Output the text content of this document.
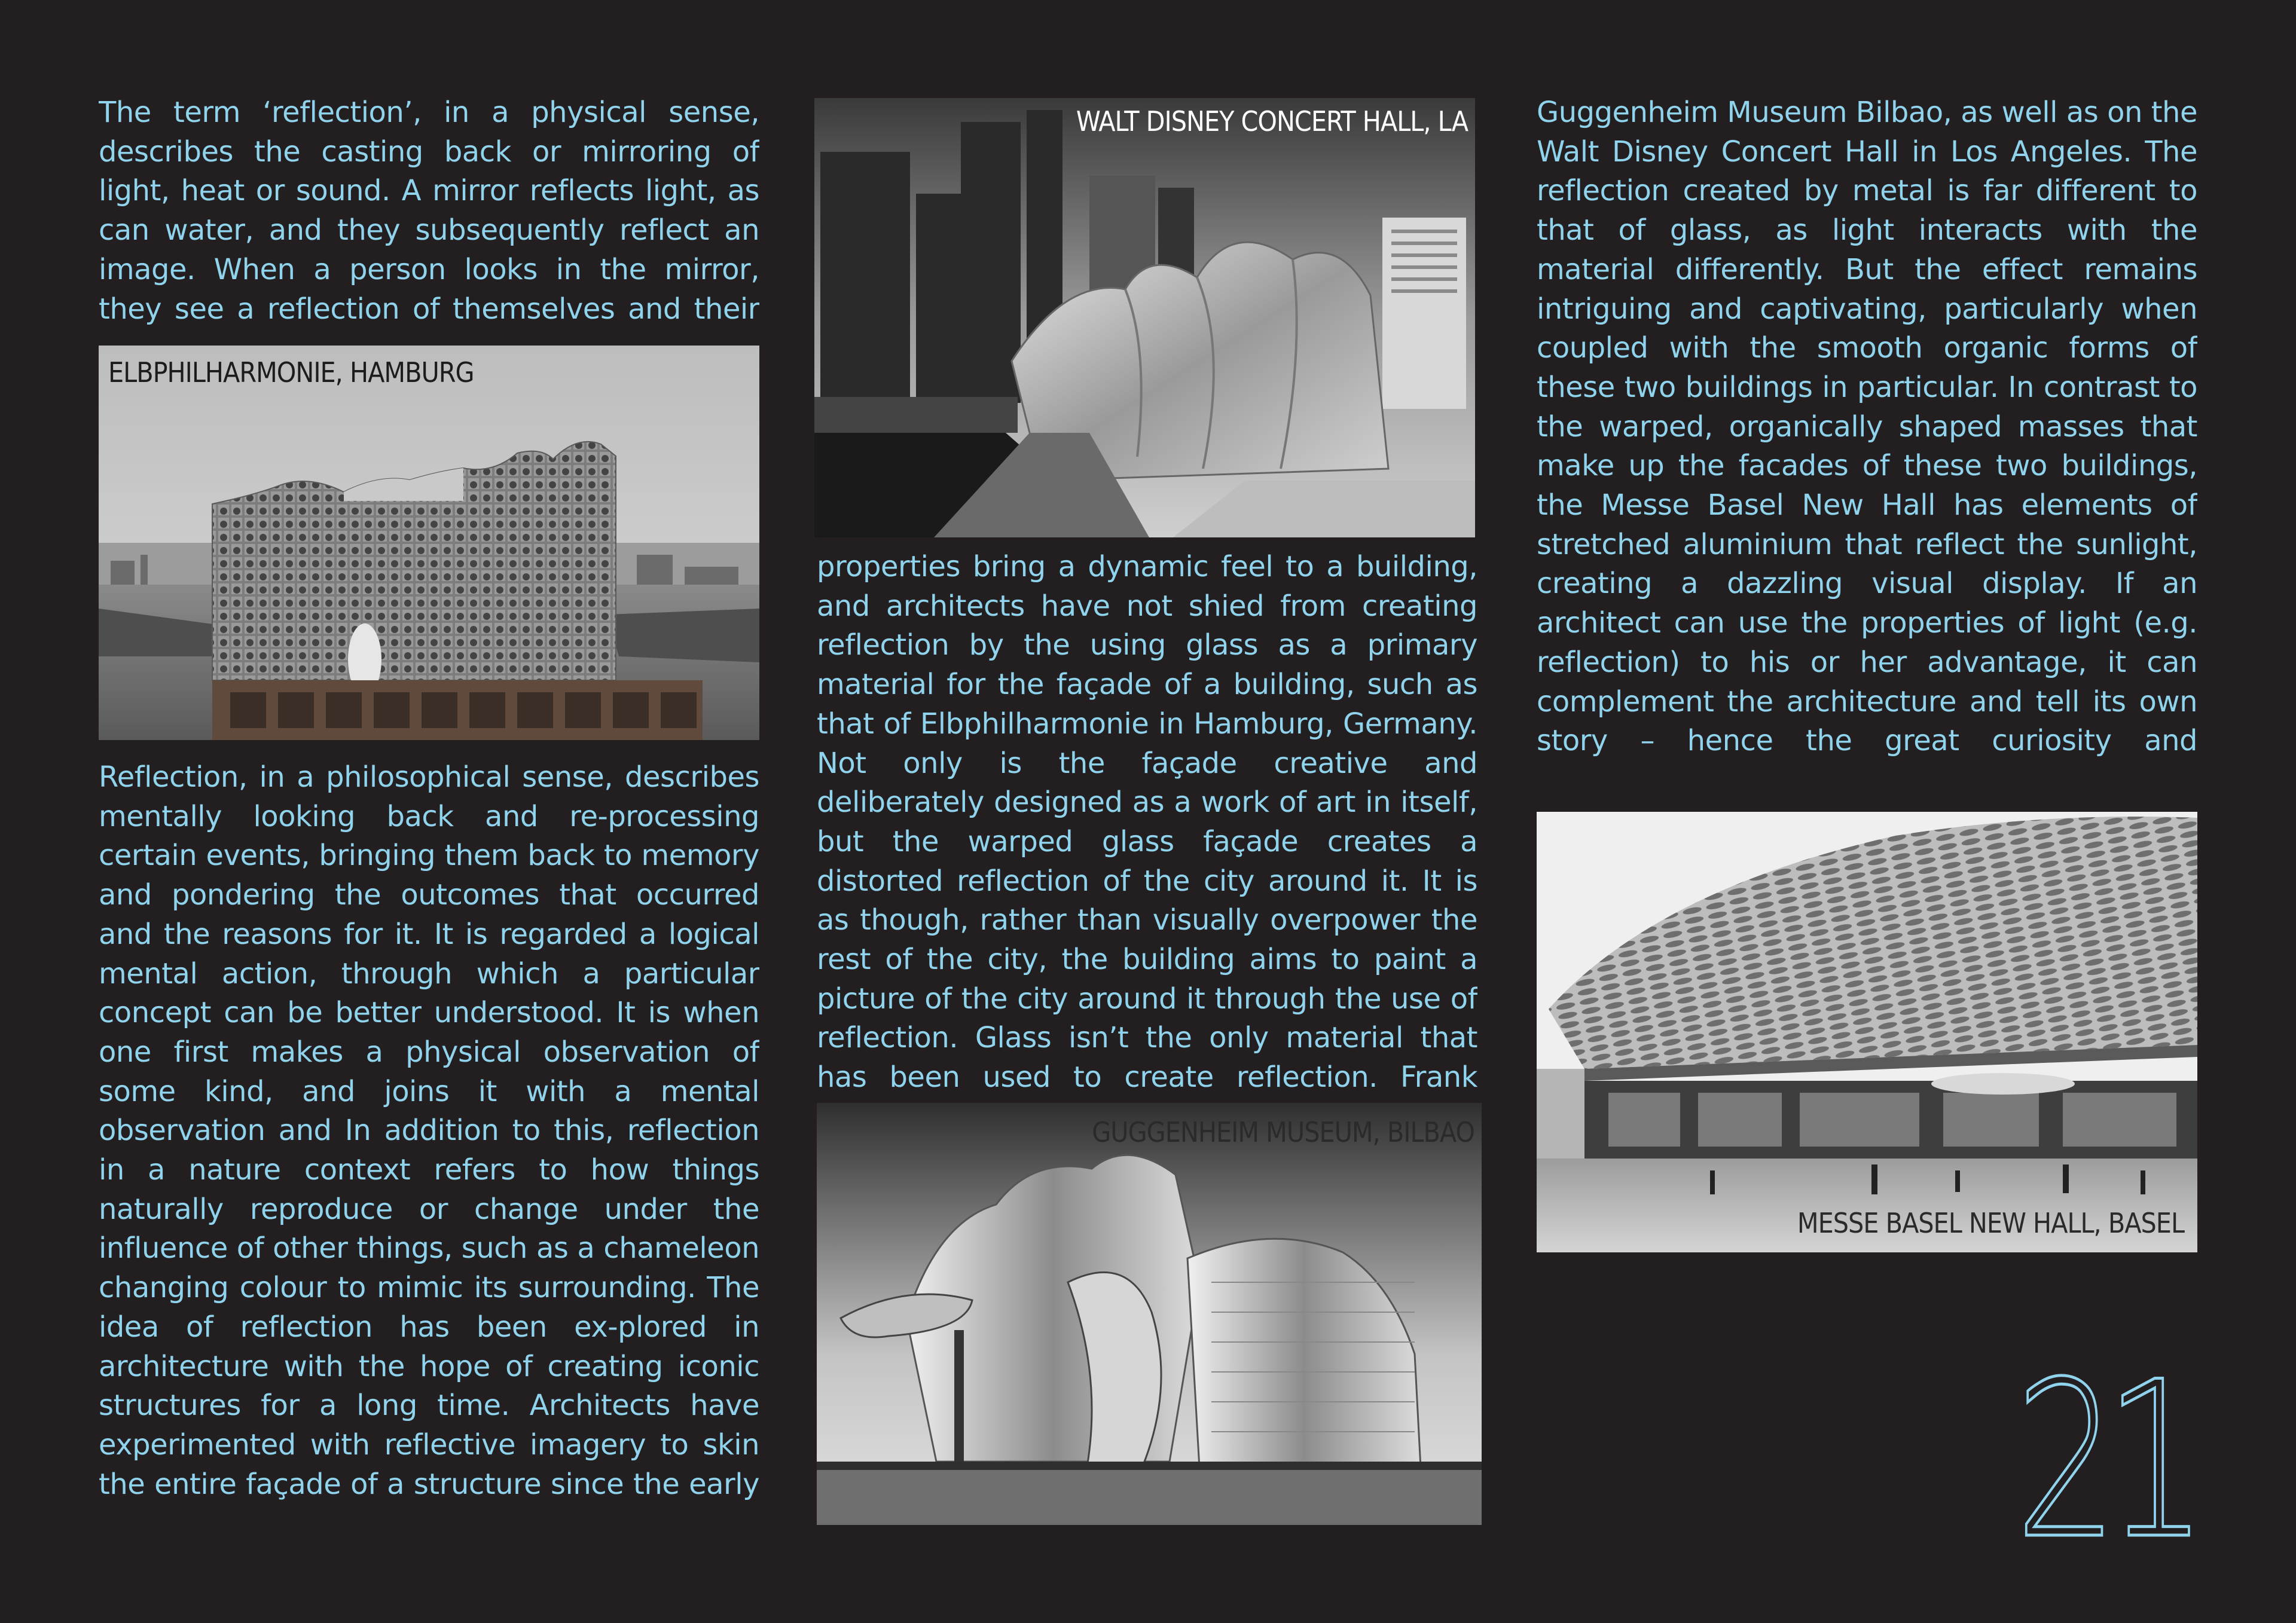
The term ‘reflection’, in a physical sense, describes the casting back or mirroring of light, heat or sound. A mirror reflects light, as can water, and they subsequently reflect an image. When a person looks in the mirror, they see a reflection of themselves and their

ELBPHILHARMONIE, HAMBURG

Reflection, in a philosophical sense, describes mentally looking back and re-processing certain events, bringing them back to memory and pondering the outcomes that occurred and the reasons for it. It is regarded a logical mental action, through which a particular concept can be better understood. It is when one first makes a physical observation of some kind, and joins it with a mental observation and In addition to this, reflection in a nature context refers to how things naturally reproduce or change under the influence of other things, such as a chameleon changing colour to mimic its surrounding. The idea of reflection has been ex-plored in architecture with the hope of creating iconic structures for a long time. Architects have experimented with reflective imagery to skin the entire façade of a structure since the early

WALT DISNEY CONCERT HALL, LA

properties bring a dynamic feel to a building, and architects have not shied from creating reflection by the using glass as a primary material for the façade of a building, such as that of Elbphilharmonie in Hamburg, Germany. Not only is the façade creative and deliberately designed as a work of art in itself, but the warped glass façade creates a distorted reflection of the city around it. It is as though, rather than visually overpower the rest of the city, the building aims to paint a picture of the city around it through the use of reflection. Glass isn’t the only material that has been used to create reflection. Frank

GUGGENHEIM MUSEUM, BILBAO

Guggenheim Museum Bilbao, as well as on the Walt Disney Concert Hall in Los Angeles. The reflection created by metal is far different to that of glass, as light interacts with the material differently. But the effect remains intriguing and captivating, particularly when coupled with the smooth organic forms of these two buildings in particular. In contrast to the warped, organically shaped masses that make up the facades of these two buildings, the Messe Basel New Hall has elements of stretched aluminium that reflect the sunlight, creating a dazzling visual display. If an architect can use the properties of light (e.g. reflection) to his or her advantage, it can complement the architecture and tell its own story – hence the great curiosity and

MESSE BASEL NEW HALL, BASEL
21
